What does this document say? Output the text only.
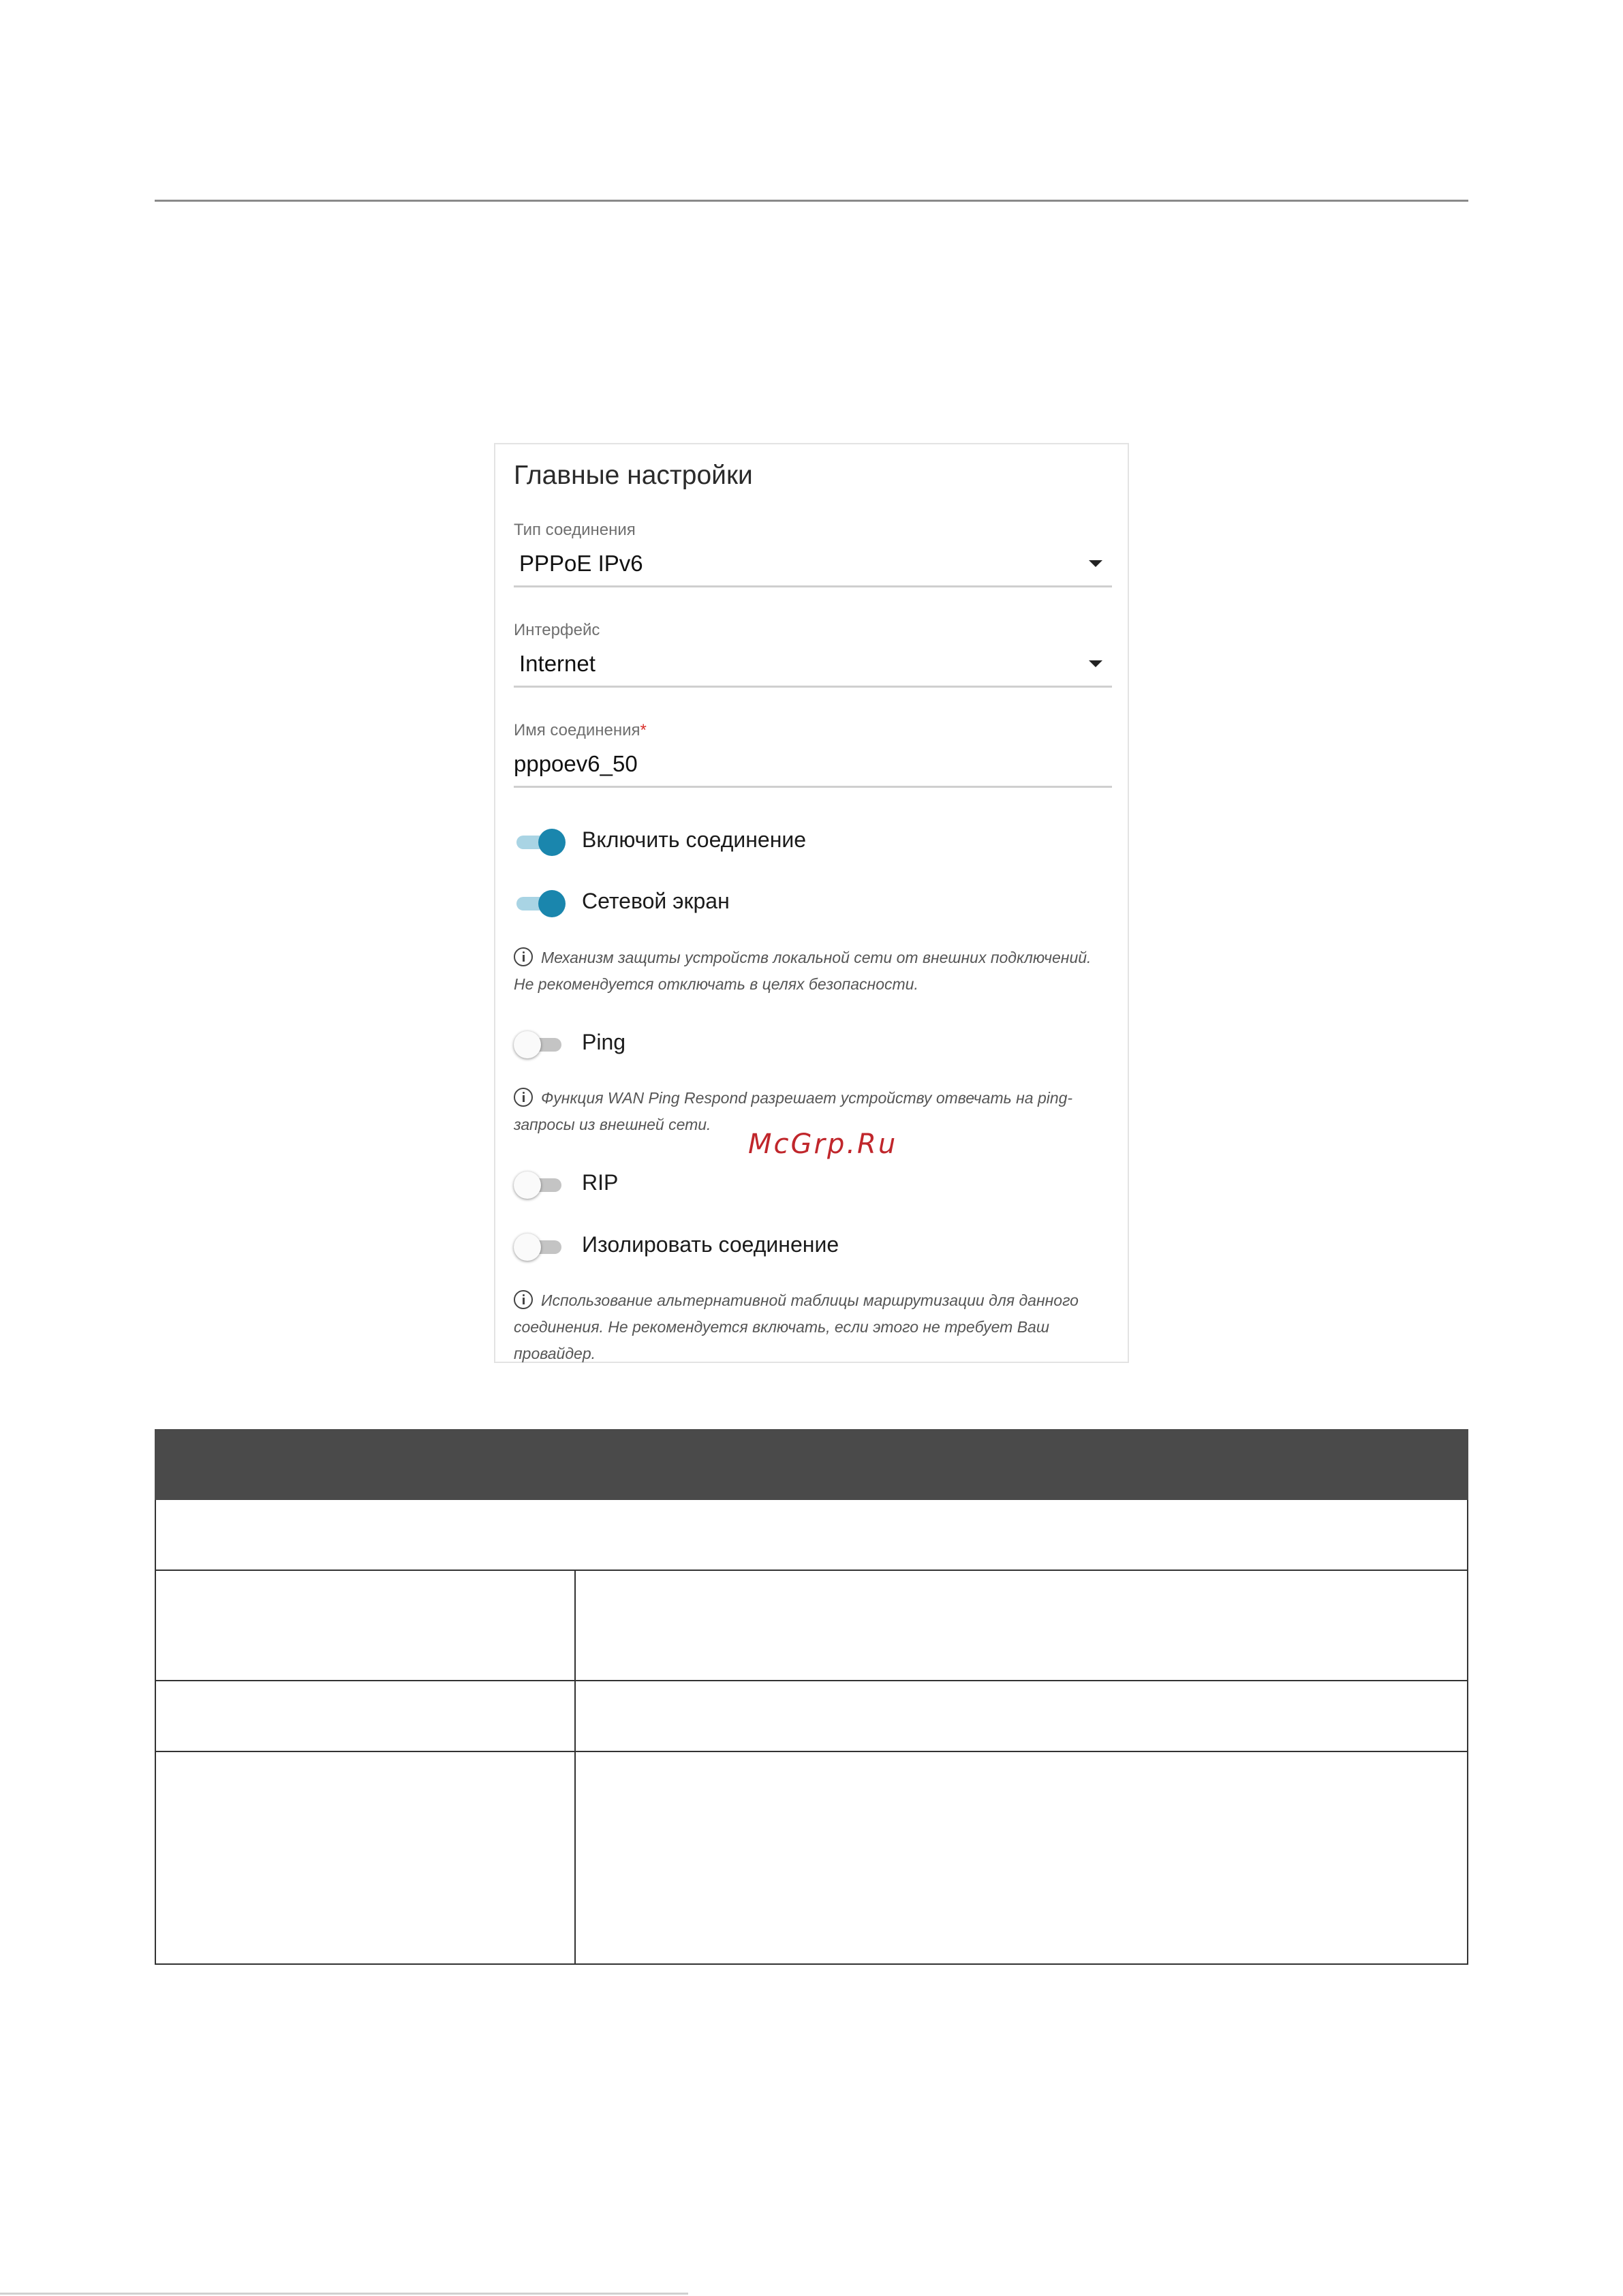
Главные настройки
Тип соединения
PPPoE IPv6
Интерфейс
Internet
Имя соединения*
pppoev6_50
Включить соединение
Сетевой экран
Механизм защиты устройств локальной сети от внешних подключений. Не рекомендуется отключать в целях безопасности.
Ping
Функция WAN Ping Respond разрешает устройству отвечать на ping-запросы из внешней сети.
RIP
Изолировать соединение
Использование альтернативной таблицы маршрутизации для данного соединения. Не рекомендуется включать, если этого не требует Ваш провайдер.
McGrp.Ru
